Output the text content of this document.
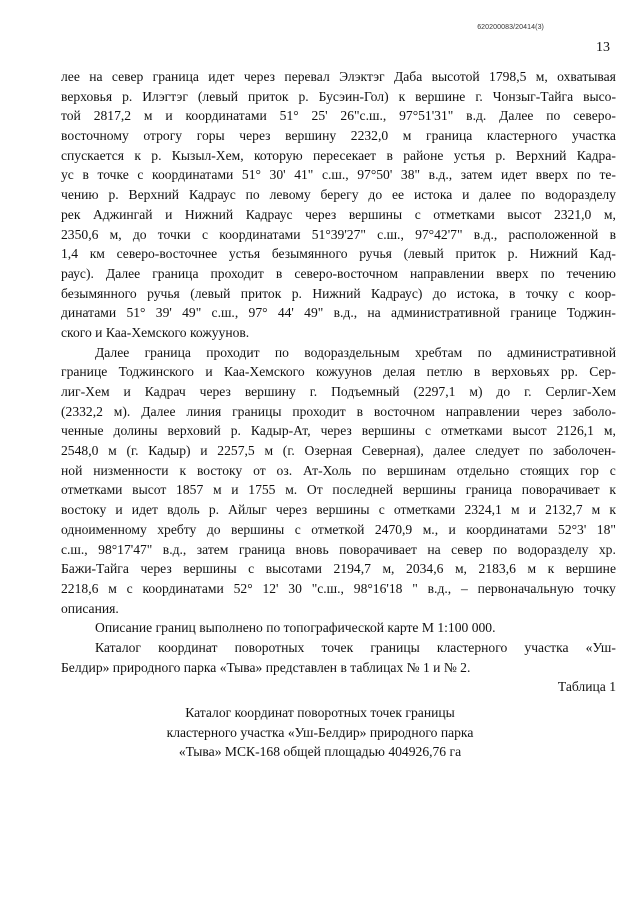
620200083/20414(3)
13
лее на север граница идет через перевал Элэктэг Даба высотой 1798,5 м, охватывая
верховья р. Илэгтэг (левый приток р. Бусэин-Гол) к вершине г. Чонзыг-Тайга высо-
той 2817,2 м и координатами 51° 25' 26"с.ш., 97°51'31" в.д. Далее по северо-
восточному отрогу горы через вершину 2232,0 м граница кластерного участка
спускается к р. Кызыл-Хем, которую пересекает в районе устья р. Верхний Кадра-
ус в точке с координатами 51° 30' 41" с.ш., 97°50' 38" в.д., затем идет вверх по те-
чению р. Верхний Кадраус по левому берегу до ее истока и далее по водоразделу
рек Аджингай и Нижний Кадраус через вершины с отметками высот 2321,0 м,
2350,6 м, до точки с координатами 51°39'27" с.ш., 97°42'7" в.д., расположенной в
1,4 км северо-восточнее устья безымянного ручья (левый приток р. Нижний Кад-
раус). Далее граница проходит в северо-восточном направлении вверх по течению
безымянного ручья (левый приток р. Нижний Кадраус) до истока, в точку с коор-
динатами 51° 39' 49" с.ш., 97° 44' 49" в.д., на административной границе Тоджин-
ского и Каа-Хемского кожуунов.
Далее граница проходит по водораздельным хребтам по административной
границе Тоджинского и Каа-Хемского кожуунов делая петлю в верховьях рр. Сер-
лиг-Хем и Кадрач через вершину г. Подъемный (2297,1 м) до г. Серлиг-Хем
(2332,2 м). Далее линия границы проходит в восточном направлении через заболо-
ченные долины верховий р. Кадыр-Ат, через вершины с отметками высот 2126,1 м,
2548,0 м (г. Кадыр) и 2257,5 м (г. Озерная Северная), далее следует по заболочен-
ной низменности к востоку от оз. Ат-Холь по вершинам отдельно стоящих гор с
отметками высот 1857 м и 1755 м. От последней вершины граница поворачивает к
востоку и идет вдоль р. Айлыг через вершины с отметками 2324,1 м и 2132,7 м к
одноименному хребту до вершины с отметкой 2470,9 м., и координатами 52°3' 18"
с.ш., 98°17'47" в.д., затем граница вновь поворачивает на север по водоразделу хр.
Бажи-Тайга через вершины с высотами 2194,7 м, 2034,6 м, 2183,6 м к вершине
2218,6 м с координатами 52° 12' 30 "с.ш., 98°16'18 " в.д., – первоначальную точку
описания.
Описание границ выполнено по топографической карте М 1:100 000.
Каталог координат поворотных точек границы кластерного участка «Уш-
Белдир» природного парка «Тыва» представлен в таблицах № 1 и № 2.
Таблица 1
Каталог координат поворотных точек границы
кластерного участка «Уш-Белдир» природного парка
«Тыва» МСК-168 общей площадью 404926,76 га
